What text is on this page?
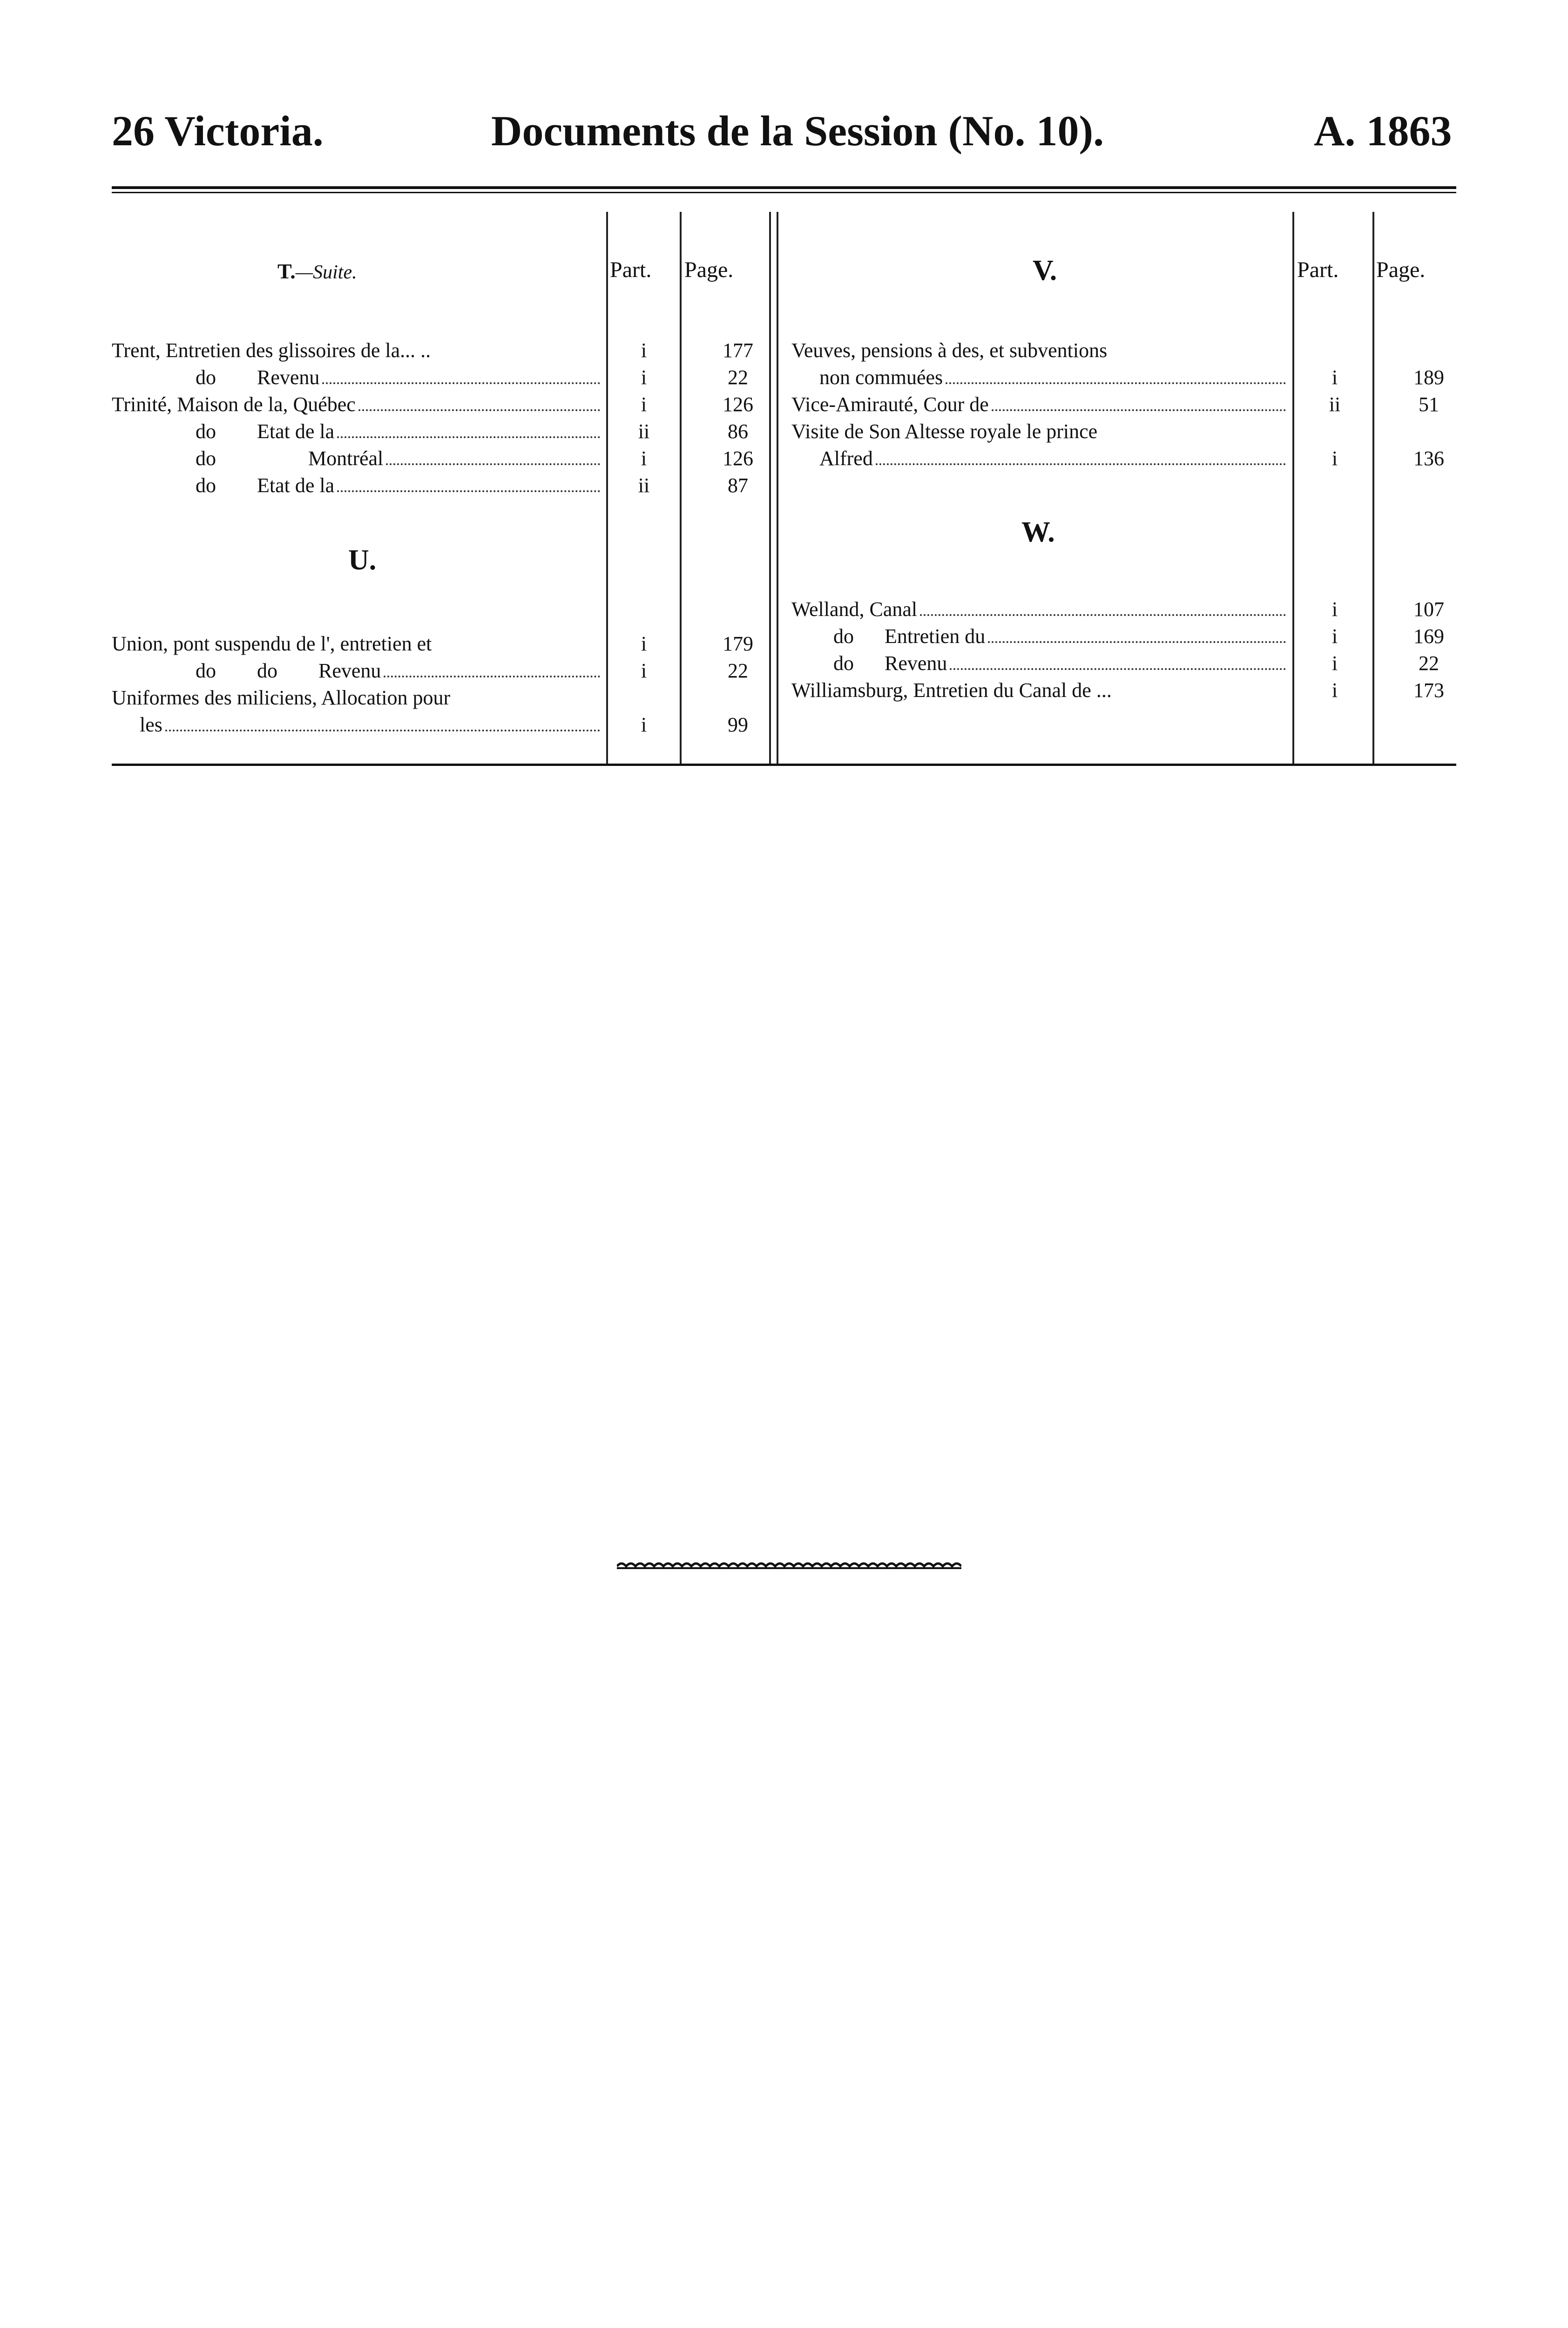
26 Victoria.	Documents de la Session (No. 10).	A. 1863
T.—Suite.	Part. Page.
Trent, Entretien des glissoires de la... ..	i	177
do        Revenu	i	22
Trinité, Maison de la, Québec	i	126
do        Etat de la	ii	86
do                  Montréal	i	126
do        Etat de la	ii	87
U.
Union, pont suspendu de l', entretien et	i	179
do        do        Revenu	i	22
Uniformes des miliciens, Allocation pour
les	i	99
V.	Part. Page.
Veuves, pensions à des, et subventions
non commuées	i	189
Vice-Amirauté, Cour de	ii	51
Visite de Son Altesse royale le prince
Alfred	i	136
W.
Welland, Canal	i	107
do      Entretien du	i	169
do      Revenu	i	22
Williamsburg, Entretien du Canal de ...	i	173
